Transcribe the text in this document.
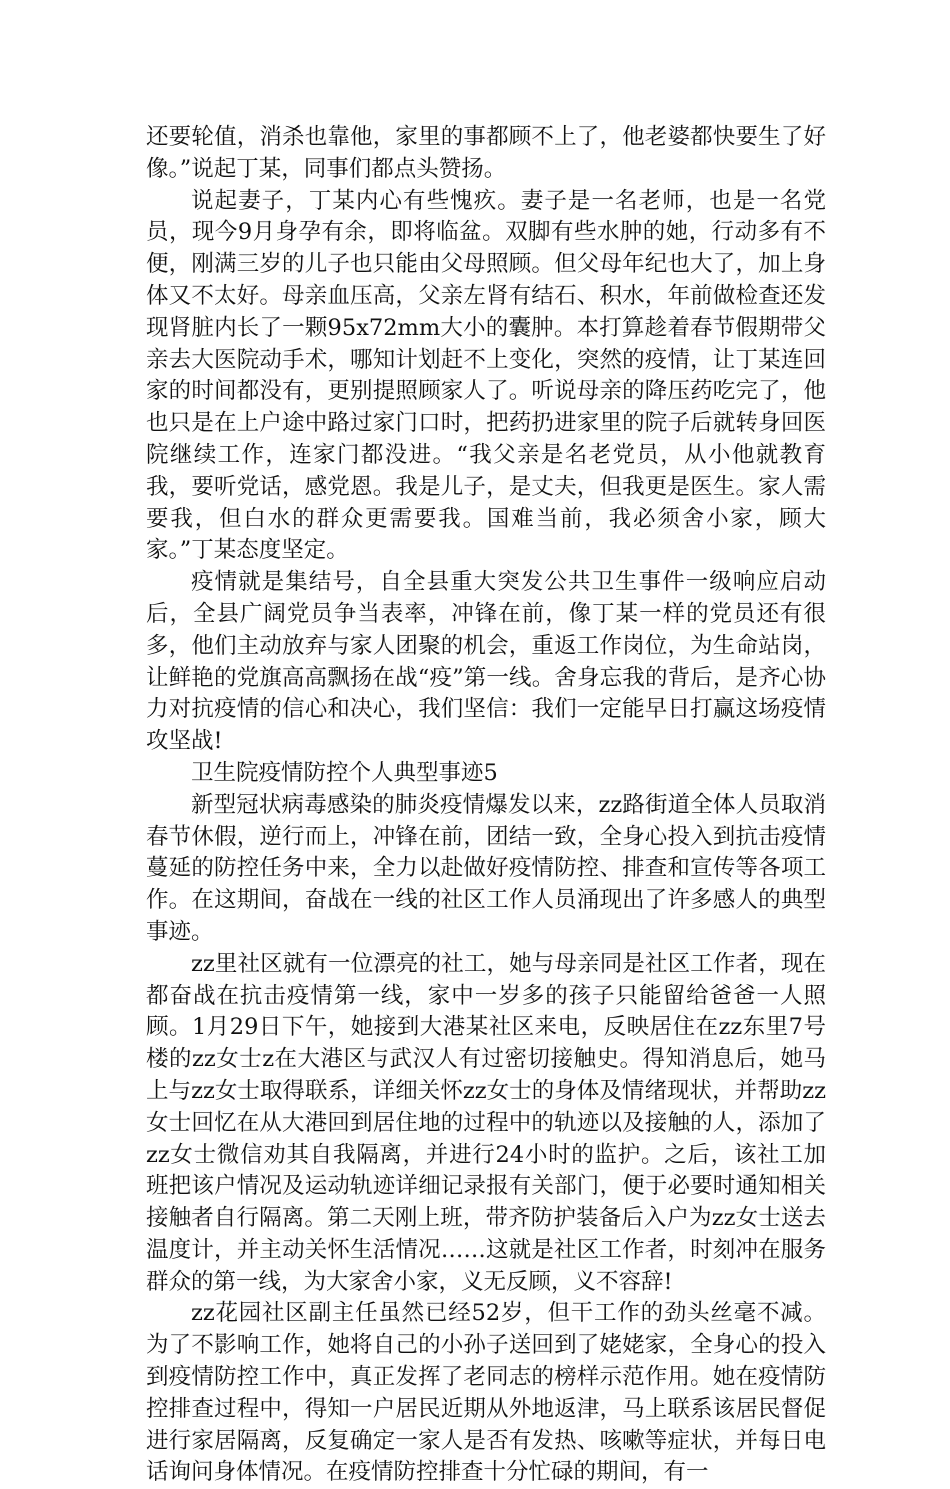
还要轮值，消杀也靠他，家里的事都顾不上了，他老婆都快要生了好像。”说起丁某，同事们都点头赞扬。

说起妻子，丁某内心有些愧疚。妻子是一名老师，也是一名党员，现今9月身孕有余，即将临盆。双脚有些水肿的她，行动多有不便，刚满三岁的儿子也只能由父母照顾。但父母年纪也大了，加上身体又不太好。母亲血压高，父亲左肾有结石、积水，年前做检查还发现肾脏内长了一颗95x72mm大小的囊肿。本打算趁着春节假期带父亲去大医院动手术，哪知计划赶不上变化，突然的疫情，让丁某连回家的时间都没有，更别提照顾家人了。听说母亲的降压药吃完了，他也只是在上户途中路过家门口时，把药扔进家里的院子后就转身回医院继续工作，连家门都没进。“我父亲是名老党员，从小他就教育我，要听党话，感党恩。我是儿子，是丈夫，但我更是医生。家人需要我，但白水的群众更需要我。国难当前，我必须舍小家，顾大家。”丁某态度坚定。

疫情就是集结号，自全县重大突发公共卫生事件一级响应启动后，全县广阔党员争当表率，冲锋在前，像丁某一样的党员还有很多，他们主动放弃与家人团聚的机会，重返工作岗位，为生命站岗，让鲜艳的党旗高高飘扬在战“疫”第一线。舍身忘我的背后，是齐心协力对抗疫情的信心和决心，我们坚信：我们一定能早日打赢这场疫情攻坚战!

卫生院疫情防控个人典型事迹5

新型冠状病毒感染的肺炎疫情爆发以来，zz路街道全体人员取消春节休假，逆行而上，冲锋在前，团结一致，全身心投入到抗击疫情蔓延的防控任务中来，全力以赴做好疫情防控、排查和宣传等各项工作。在这期间，奋战在一线的社区工作人员涌现出了许多感人的典型事迹。

zz里社区就有一位漂亮的社工，她与母亲同是社区工作者，现在都奋战在抗击疫情第一线，家中一岁多的孩子只能留给爸爸一人照顾。1月29日下午，她接到大港某社区来电，反映居住在zz东里7号楼的zz女士z在大港区与武汉人有过密切接触史。得知消息后，她马上与zz女士取得联系，详细关怀zz女士的身体及情绪现状，并帮助zz女士回忆在从大港回到居住地的过程中的轨迹以及接触的人，添加了zz女士微信劝其自我隔离，并进行24小时的监护。之后，该社工加班把该户情况及运动轨迹详细记录报有关部门，便于必要时通知相关接触者自行隔离。第二天刚上班，带齐防护装备后入户为zz女士送去温度计，并主动关怀生活情况……这就是社区工作者，时刻冲在服务群众的第一线，为大家舍小家，义无反顾，义不容辞!

zz花园社区副主任虽然已经52岁，但干工作的劲头丝毫不减。为了不影响工作，她将自己的小孙子送回到了姥姥家，全身心的投入到疫情防控工作中，真正发挥了老同志的榜样示范作用。她在疫情防控排查过程中，得知一户居民近期从外地返津，马上联系该居民督促进行家居隔离，反复确定一家人是否有发热、咳嗽等症状，并每日电话询问身体情况。在疫情防控排查十分忙碌的期间，有一
